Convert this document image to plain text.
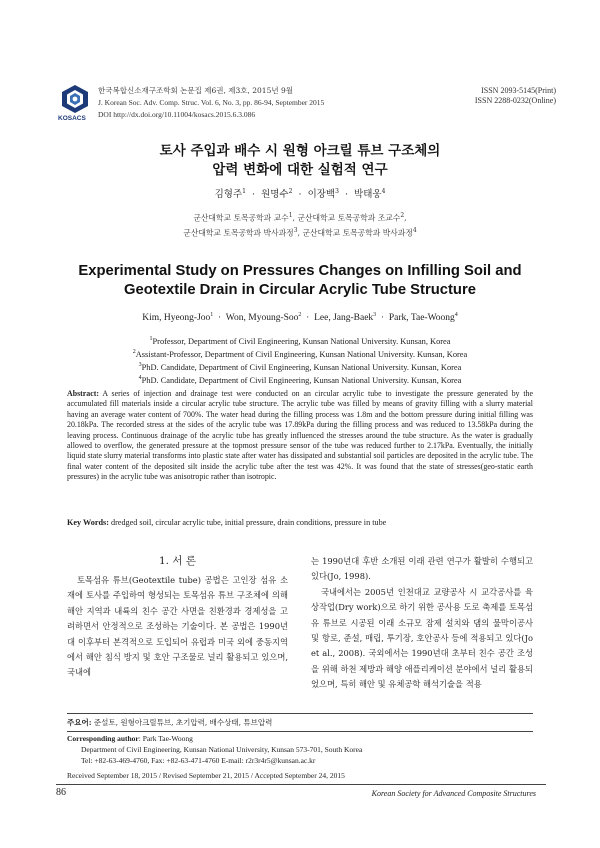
KOSACS
한국복합신소재구조학회 논문집 제6권, 제3호, 2015년 9월
J. Korean Soc. Adv. Comp. Struc. Vol. 6, No. 3, pp. 86-94, September 2015
DOI http://dx.doi.org/10.11004/kosacs.2015.6.3.086
ISSN 2093-5145(Print)
ISSN 2288-0232(Online)
토사 주입과 배수 시 원형 아크릴 튜브 구조체의
압력 변화에 대한 실험적 연구
김형주$^1$ · 원명수$^2$ · 이장백$^3$ · 박태웅$^4$
군산대학교 토목공학과 교수$^1$, 군산대학교 토목공학과 조교수$^2$,
군산대학교 토목공학과 박사과정$^3$, 군산대학교 토목공학과 박사과정$^4$
Experimental Study on Pressures Changes on Infilling Soil and
Geotextile Drain in Circular Acrylic Tube Structure
Kim, Hyeong-Joo$^1$ · Won, Myoung-Soo$^2$ · Lee, Jang-Baek$^3$ · Park, Tae-Woong$^4$
$^1$Professor, Department of Civil Engineering, Kunsan National University. Kunsan, Korea
$^2$Assistant-Professor, Department of Civil Engineering, Kunsan National University. Kunsan, Korea
$^3$PhD. Candidate, Department of Civil Engineering, Kunsan National University. Kunsan, Korea
$^4$PhD. Candidate, Department of Civil Engineering, Kunsan National University. Kunsan, Korea
Abstract: A series of injection and drainage test were conducted on an circular acrylic tube to investigate the pressure generated by the accumulated fill materials inside a circular acrylic tube structure. The acrylic tube was filled by means of gravity filling with a slurry material having an average water content of 700%. The water head during the filling process was 1.8m and the bottom pressure during initial filling was 20.18kPa. The recorded stress at the sides of the acrylic tube was 17.89kPa during the filling process and was reduced to 13.58kPa during the leaving process. Continuous drainage of the acrylic tube has greatly influenced the stresses around the tube structure. As the water is gradually allowed to overflow, the generated pressure at the topmost pressure sensor of the tube was reduced further to 2.17kPa. Eventually, the initially liquid state slurry material transforms into plastic state after water has dissipated and substantial soil particles are deposited in the acrylic tube. The final water content of the deposited silt inside the acrylic tube after the test was 42%. It was found that the state of stresses(geo-static earth pressures) in the acrylic tube was anisotropic rather than isotropic.
Key Words: dredged soil, circular acrylic tube, initial pressure, drain conditions, pressure in tube
1. 서 론
토목섬유 튜브(Geotextile tube) 공법은 고인장 섬유 소재에 토사를 주입하여 형성되는 토목섬유 튜브 구조체에 의해 해안 지역과 내륙의 친수 공간 사면을 친환경과 경제성을 고려하면서 안정적으로 조성하는 기술이다. 본 공법은 1990년대 이후부터 본격적으로 도입되어 유럽과 미국 외에 중동지역에서 해안 침식 방지 및 호안 구조물로 널리 활용되고 있으며, 국내에
는 1990년대 후반 소개된 이래 관련 연구가 활발히 수행되고 있다(Jo, 1998).
국내에서는 2005년 인천대교 교량공사 시 교각공사를 육상작업(Dry work)으로 하기 위한 공사용 도로 축제를 토목섬유 튜브로 시공된 이래 소규모 잠제 설치와 댐의 물막이공사 및 항로, 준설, 매립, 투기장, 호안공사 등에 적용되고 있다(Jo et al., 2008). 국외에서는 1990년대 초부터 친수 공간 조성을 위해 하천 제방과 해양 애플리케이션 분야에서 널리 활용되었으며, 특히 해안 및 유체공학 해석기술을 적용
주요어: 준설토, 원형아크릴튜브, 초기압력, 배수상태, 튜브압력
Corresponding author: Park Tae-Woong
Department of Civil Engineering, Kunsan National University, Kunsan 573-701, South Korea
Tel: +82-63-469-4760, Fax: +82-63-471-4760 E-mail: r2r3r4r5@kunsan.ac.kr
Received September 18, 2015 / Revised September 21, 2015 / Accepted September 24, 2015
86	Korean Society for Advanced Composite Structures
